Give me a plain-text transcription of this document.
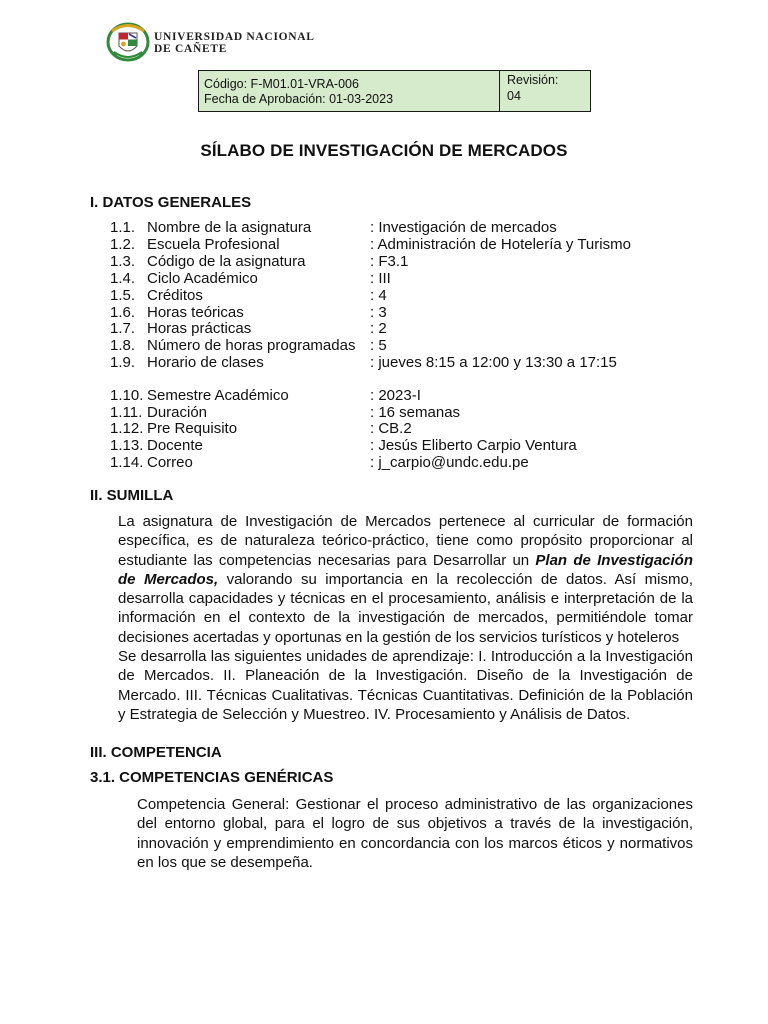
UNIVERSIDAD NACIONAL
DE CAÑETE
Código: F-M01.01-VRA-006
Fecha de Aprobación: 01-03-2023
Revisión:
04
SÍLABO DE INVESTIGACIÓN DE MERCADOS
I. DATOS GENERALES
1.1. Nombre de la asignatura	: Investigación de mercados
1.2. Escuela Profesional	: Administración de Hotelería y Turismo
1.3. Código de la asignatura	: F3.1
1.4. Ciclo Académico	: III
1.5. Créditos	: 4
1.6. Horas teóricas	: 3
1.7. Horas prácticas	: 2
1.8. Número de horas programadas : 5
1.9. Horario de clases	: jueves 8:15 a 12:00 y 13:30 a 17:15
1.10. Semestre Académico	: 2023-I
1.11. Duración	: 16 semanas
1.12. Pre Requisito	: CB.2
1.13. Docente	: Jesús Eliberto Carpio Ventura
1.14. Correo	: j_carpio@undc.edu.pe
II. SUMILLA
La asignatura de Investigación de Mercados pertenece al curricular de formación específica, es de naturaleza teórico-práctico, tiene como propósito proporcionar al estudiante las competencias necesarias para Desarrollar un Plan de Investigación de Mercados, valorando su importancia en la recolección de datos. Así mismo, desarrolla capacidades y técnicas en el procesamiento, análisis e interpretación de la información en el contexto de la investigación de mercados, permitiéndole tomar decisiones acertadas y oportunas en la gestión de los servicios turísticos y hoteleros
Se desarrolla las siguientes unidades de aprendizaje: I. Introducción a la Investigación de Mercados. II. Planeación de la Investigación. Diseño de la Investigación de Mercado. III. Técnicas Cualitativas. Técnicas Cuantitativas. Definición de la Población y Estrategia de Selección y Muestreo. IV. Procesamiento y Análisis de Datos.
III. COMPETENCIA
3.1. COMPETENCIAS GENÉRICAS
Competencia General: Gestionar el proceso administrativo de las organizaciones del entorno global, para el logro de sus objetivos a través de la investigación, innovación y emprendimiento en concordancia con los marcos éticos y normativos en los que se desempeña.
